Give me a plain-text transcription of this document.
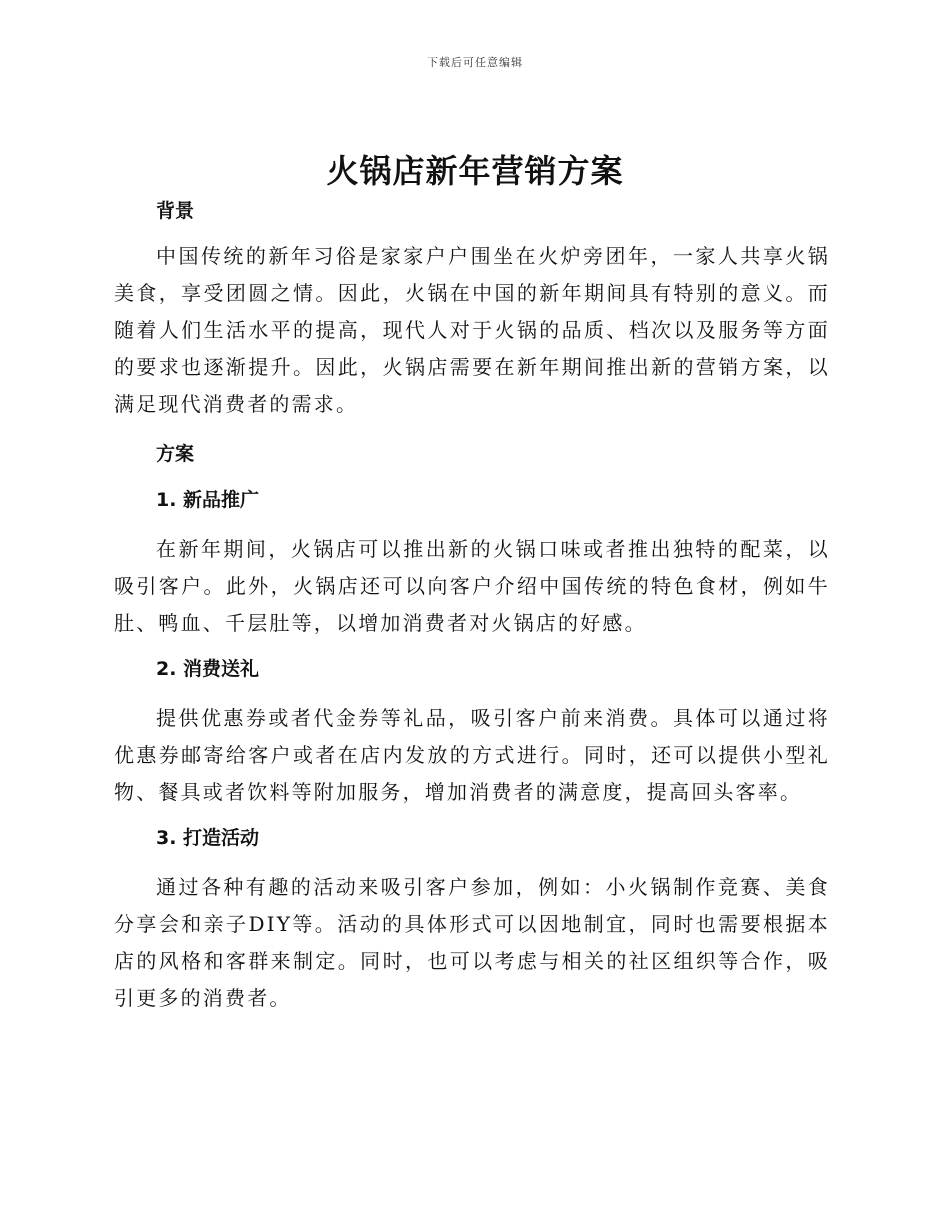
下载后可任意编辑
火锅店新年营销方案
背景

中国传统的新年习俗是家家户户围坐在火炉旁团年，一家人共享火锅美食，享受团圆之情。因此，火锅在中国的新年期间具有特别的意义。而随着人们生活水平的提高，现代人对于火锅的品质、档次以及服务等方面的要求也逐渐提升。因此，火锅店需要在新年期间推出新的营销方案，以满足现代消费者的需求。

方案
1. 新品推广

在新年期间，火锅店可以推出新的火锅口味或者推出独特的配菜，以吸引客户。此外，火锅店还可以向客户介绍中国传统的特色食材，例如牛肚、鸭血、千层肚等，以增加消费者对火锅店的好感。

2. 消费送礼

提供优惠券或者代金券等礼品，吸引客户前来消费。具体可以通过将优惠券邮寄给客户或者在店内发放的方式进行。同时，还可以提供小型礼物、餐具或者饮料等附加服务，增加消费者的满意度，提高回头客率。

3. 打造活动

通过各种有趣的活动来吸引客户参加，例如：小火锅制作竞赛、美食分享会和亲子DIY等。活动的具体形式可以因地制宜，同时也需要根据本店的风格和客群来制定。同时，也可以考虑与相关的社区组织等合作，吸引更多的消费者。
